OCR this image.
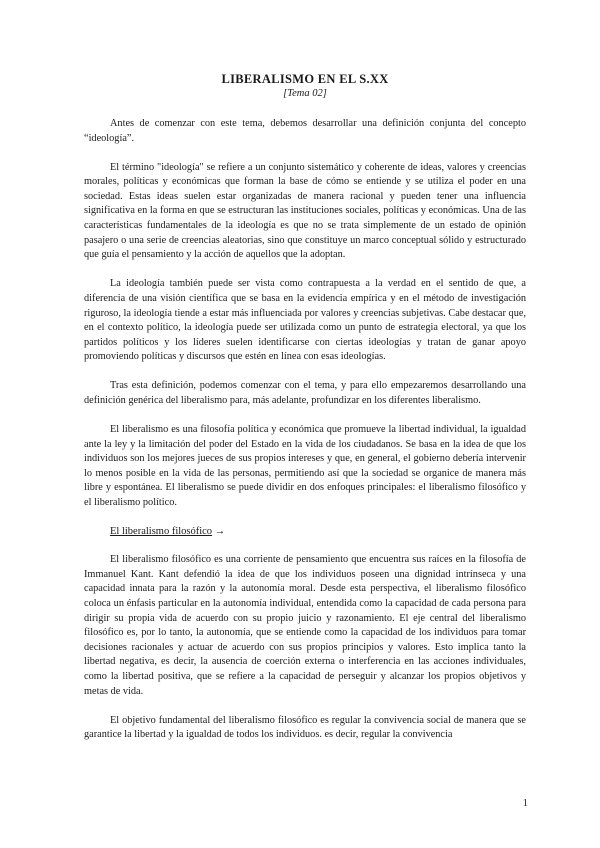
LIBERALISMO EN EL S.XX
[Tema 02]

Antes de comenzar con este tema, debemos desarrollar una definición conjunta del concepto “ideología”.

El término "ideología" se refiere a un conjunto sistemático y coherente de ideas, valores y creencias morales, políticas y económicas que forman la base de cómo se entiende y se utiliza el poder en una sociedad. Estas ideas suelen estar organizadas de manera racional y pueden tener una influencia significativa en la forma en que se estructuran las instituciones sociales, políticas y económicas. Una de las características fundamentales de la ideología es que no se trata simplemente de un estado de opinión pasajero o una serie de creencias aleatorias, sino que constituye un marco conceptual sólido y estructurado que guía el pensamiento y la acción de aquellos que la adoptan.

La ideología también puede ser vista como contrapuesta a la verdad en el sentido de que, a diferencia de una visión científica que se basa en la evidencia empírica y en el método de investigación riguroso, la ideología tiende a estar más influenciada por valores y creencias subjetivas. Cabe destacar que, en el contexto político, la ideología puede ser utilizada como un punto de estrategia electoral, ya que los partidos políticos y los líderes suelen identificarse con ciertas ideologías y tratan de ganar apoyo promoviendo políticas y discursos que estén en línea con esas ideologías.

Tras esta definición, podemos comenzar con el tema, y para ello empezaremos desarrollando una definición genérica del liberalismo para, más adelante, profundizar en los diferentes liberalismo.

El liberalismo es una filosofía política y económica que promueve la libertad individual, la igualdad ante la ley y la limitación del poder del Estado en la vida de los ciudadanos. Se basa en la idea de que los individuos son los mejores jueces de sus propios intereses y que, en general, el gobierno debería intervenir lo menos posible en la vida de las personas, permitiendo así que la sociedad se organice de manera más libre y espontánea. El liberalismo se puede dividir en dos enfoques principales: el liberalismo filosófico y el liberalismo político.

El liberalismo filosófico →

El liberalismo filosófico es una corriente de pensamiento que encuentra sus raíces en la filosofía de Immanuel Kant. Kant defendió la idea de que los individuos poseen una dignidad intrínseca y una capacidad innata para la razón y la autonomía moral. Desde esta perspectiva, el liberalismo filosófico coloca un énfasis particular en la autonomía individual, entendida como la capacidad de cada persona para dirigir su propia vida de acuerdo con su propio juicio y razonamiento. El eje central del liberalismo filosófico es, por lo tanto, la autonomía, que se entiende como la capacidad de los individuos para tomar decisiones racionales y actuar de acuerdo con sus propios principios y valores. Esto implica tanto la libertad negativa, es decir, la ausencia de coerción externa o interferencia en las acciones individuales, como la libertad positiva, que se refiere a la capacidad de perseguir y alcanzar los propios objetivos y metas de vida.

El objetivo fundamental del liberalismo filosófico es regular la convivencia social de manera que se garantice la libertad y la igualdad de todos los individuos. es decir, regular la convivencia

1
